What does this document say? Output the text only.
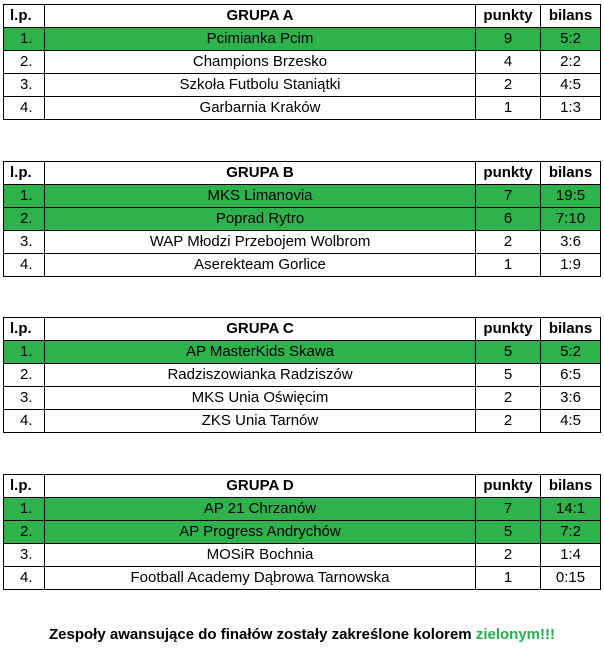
l.p.	GRUPA A	punkty	bilans
1.	Pcimianka Pcim	9	5:2
2.	Champions Brzesko	4	2:2
3.	Szkoła Futbolu Staniątki	2	4:5
4.	Garbarnia Kraków	1	1:3
l.p.	GRUPA B	punkty	bilans
1.	MKS Limanovia	7	19:5
2.	Poprad Rytro	6	7:10
3.	WAP Młodzi Przebojem Wolbrom	2	3:6
4.	Aserekteam Gorlice	1	1:9
l.p.	GRUPA C	punkty	bilans
1.	AP MasterKids Skawa	5	5:2
2.	Radziszowianka Radziszów	5	6:5
3.	MKS Unia Oświęcim	2	3:6
4.	ZKS Unia Tarnów	2	4:5
l.p.	GRUPA D	punkty	bilans
1.	AP 21 Chrzanów	7	14:1
2.	AP Progress Andrychów	5	7:2
3.	MOSiR Bochnia	2	1:4
4.	Football Academy Dąbrowa Tarnowska	1	0:15
Zespoły awansujące do finałów zostały zakreślone kolorem zielonym!!!
